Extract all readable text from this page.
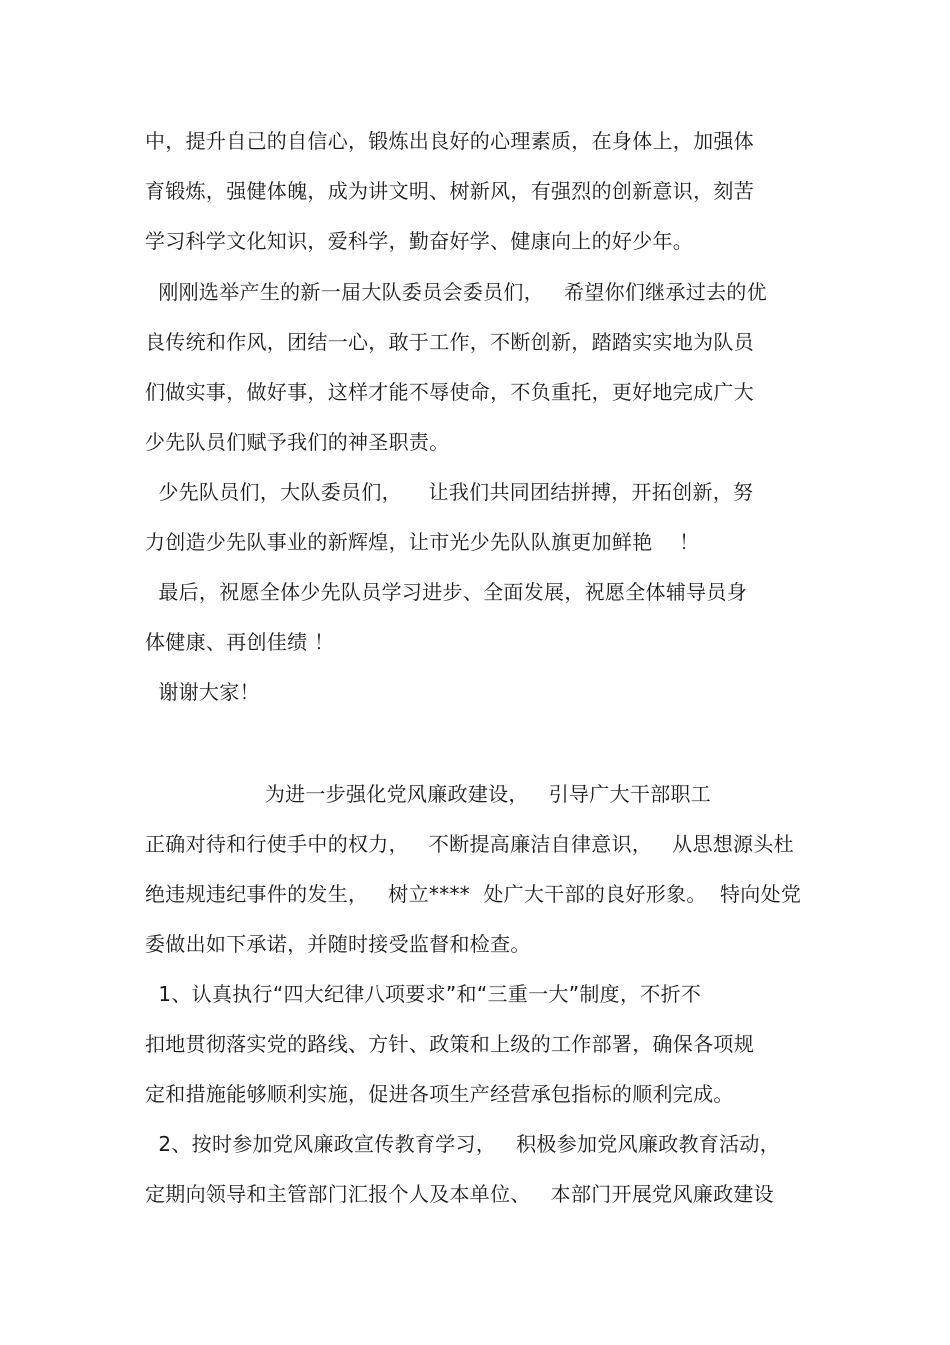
中，提升自己的自信心，锻炼出良好的心理素质，在身体上，加强体
育锻炼，强健体魄，成为讲文明、树新风，有强烈的创新意识，刻苦
学习科学文化知识，爱科学，勤奋好学、健康向上的好少年。
刚刚选举产生的新一届大队委员会委员们，   希望你们继承过去的优
良传统和作风，团结一心，敢于工作，不断创新，踏踏实实地为队员
们做实事，做好事，这样才能不辱使命，不负重托，更好地完成广大
少先队员们赋予我们的神圣职责。
少先队员们，大队委员们，    让我们共同团结拼搏，开拓创新，努
力创造少先队事业的新辉煌，让市光少先队队旗更加鲜艳    ！
最后，祝愿全体少先队员学习进步、全面发展，祝愿全体辅导员身
体健康、再创佳绩 ！
谢谢大家！
为进一步强化党风廉政建设，   引导广大干部职工
正确对待和行使手中的权力，   不断提高廉洁自律意识，   从思想源头杜
绝违规违纪事件的发生，   树立****  处广大干部的良好形象。  特向处党
委做出如下承诺，并随时接受监督和检查。
1、认真执行“四大纪律八项要求”和“三重一大”制度，不折不
扣地贯彻落实党的路线、方针、政策和上级的工作部署，确保各项规
定和措施能够顺利实施，促进各项生产经营承包指标的顺利完成。
2、按时参加党风廉政宣传教育学习，   积极参加党风廉政教育活动，
定期向领导和主管部门汇报个人及本单位、   本部门开展党风廉政建设
